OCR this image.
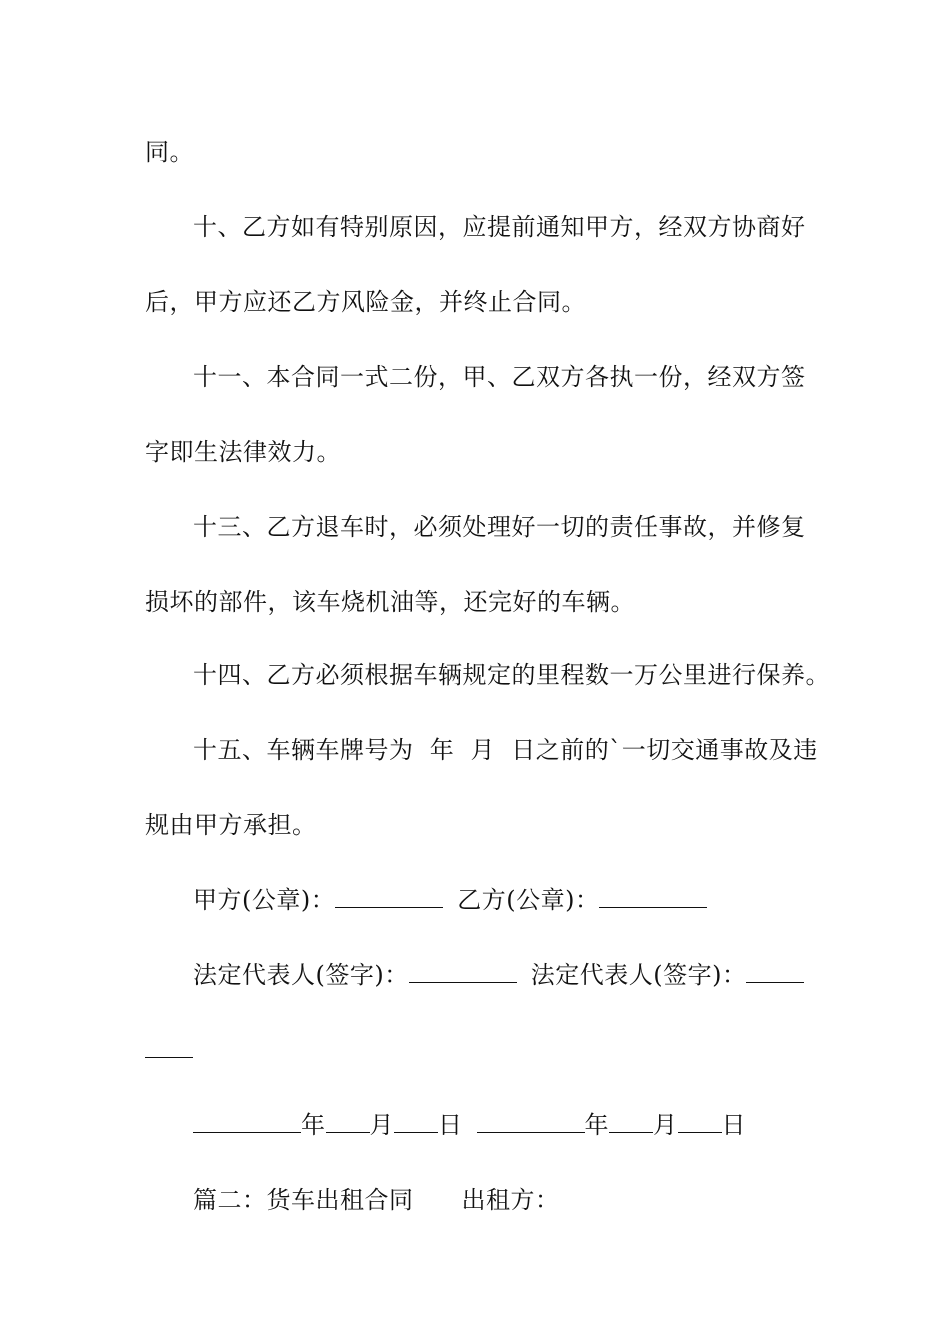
同。
十、乙方如有特别原因，应提前通知甲方，经双方协商好
后，甲方应还乙方风险金，并终止合同。
十一、本合同一式二份，甲、乙双方各执一份，经双方签
字即生法律效力。
十三、乙方退车时，必须处理好一切的责任事故，并修复
损坏的部件，该车烧机油等，还完好的车辆。
十四、乙方必须根据车辆规定的里程数一万公里进行保养。
十五、车辆车牌号为  年  月  日之前的`一切交通事故及违
规由甲方承担。
甲方(公章)：	乙方(公章)：
法定代表人(签字)：	法定代表人(签字)：
年 月 日	年 月 日
篇二：货车出租合同 出租方：
